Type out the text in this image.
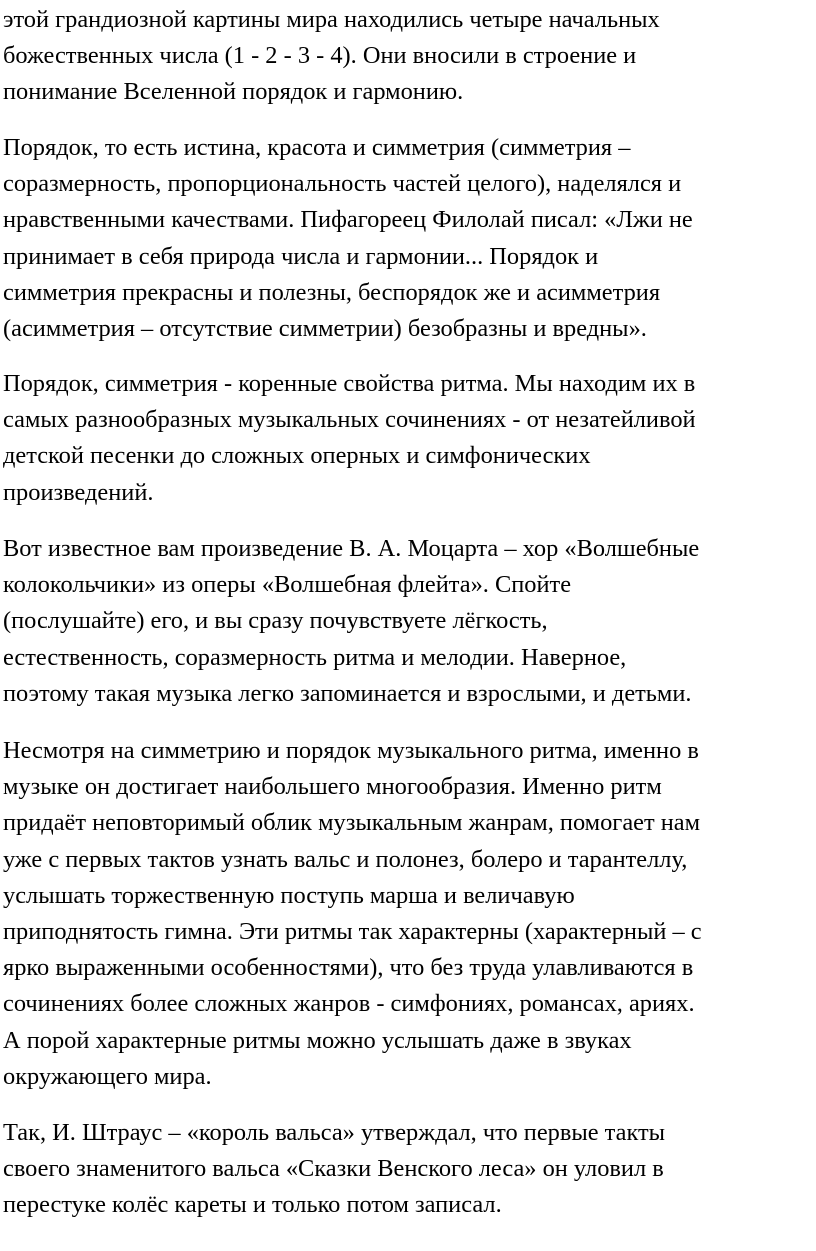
этой грандиозной картины мира находились четыре начальных
божественных числа (1 - 2 - 3 - 4). Они вносили в строение и
понимание Вселенной порядок и гармонию.

Порядок, то есть истина, красота и симметрия (симметрия –
соразмерность, пропорциональность частей целого), наделялся и
нравственными качествами. Пифагореец Филолай писал: «Лжи не
принимает в себя природа числа и гармонии... Порядок и
симметрия прекрасны и полезны, беспорядок же и асимметрия
(асимметрия – отсутствие симметрии) безобразны и вредны».

Порядок, симметрия - коренные свойства ритма. Мы находим их в
самых разнообразных музыкальных сочинениях - от незатейливой
детской песенки до сложных оперных и симфонических
произведений.

Вот известное вам произведение В. А. Моцарта – хор «Волшебные
колокольчики» из оперы «Волшебная флейта». Спойте
(послушайте) его, и вы сразу почувствуете лёгкость,
естественность, соразмерность ритма и мелодии. Наверное,
поэтому такая музыка легко запоминается и взрослыми, и детьми.

Несмотря на симметрию и порядок музыкального ритма, именно в
музыке он достигает наибольшего многообразия. Именно ритм
придаёт неповторимый облик музыкальным жанрам, помогает нам
уже с первых тактов узнать вальс и полонез, болеро и тарантеллу,
услышать торжественную поступь марша и величавую
приподнятость гимна. Эти ритмы так характерны (характерный – с
ярко выраженными особенностями), что без труда улавливаются в
сочинениях более сложных жанров - симфониях, романсах, ариях.
А порой характерные ритмы можно услышать даже в звуках
окружающего мира.

Так, И. Штраус – «король вальса» утверждал, что первые такты
своего знаменитого вальса «Сказки Венского леса» он уловил в
перестуке колёс кареты и только потом записал.
